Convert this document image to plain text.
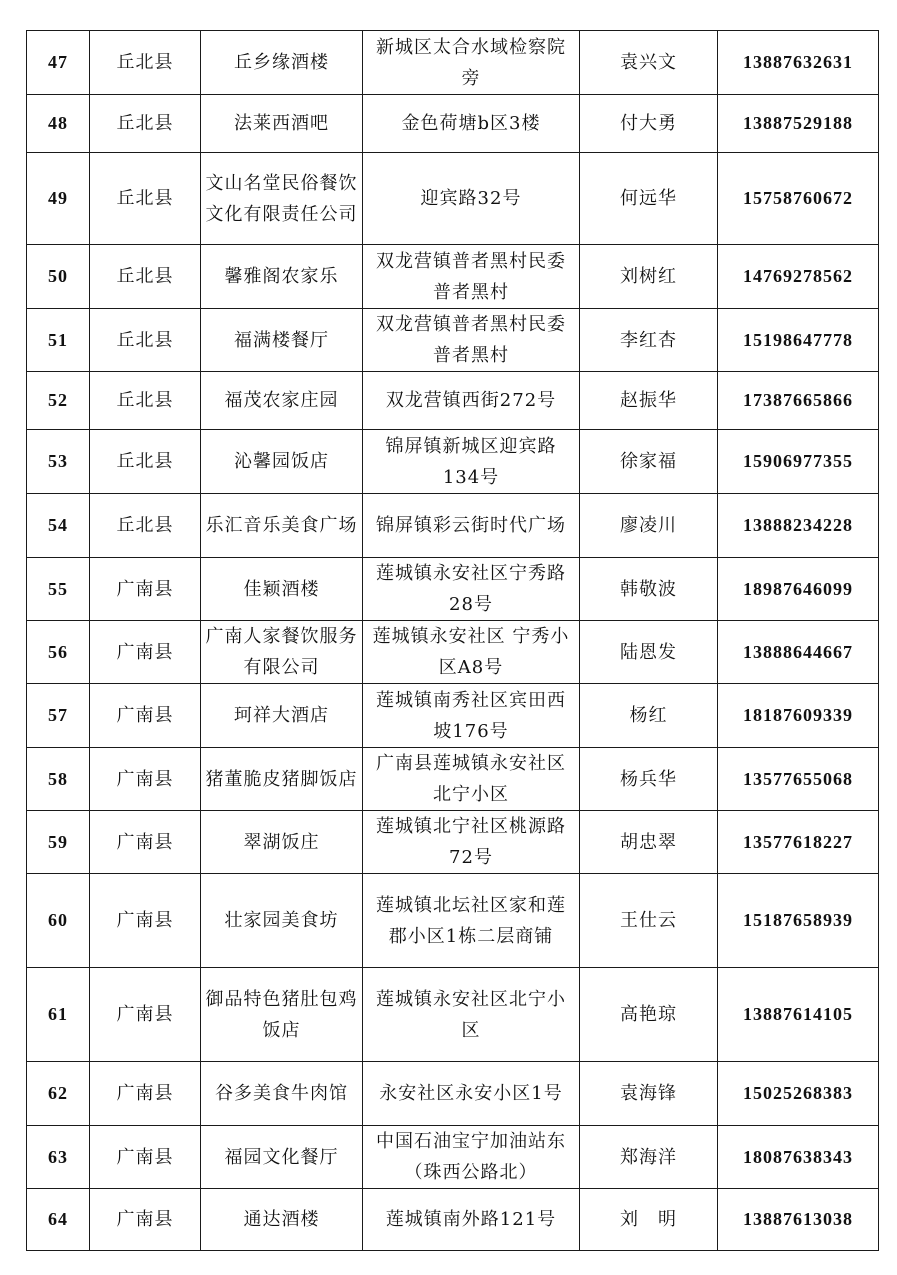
47	丘北县	丘乡缘酒楼	新城区太合水域检察院旁	袁兴文	13887632631
48	丘北县	法莱西酒吧	金色荷塘b区3楼	付大勇	13887529188
49	丘北县	文山名堂民俗餐饮文化有限责任公司	迎宾路32号	何远华	15758760672
50	丘北县	馨雅阁农家乐	双龙营镇普者黑村民委普者黑村	刘树红	14769278562
51	丘北县	福满楼餐厅	双龙营镇普者黑村民委普者黑村	李红杏	15198647778
52	丘北县	福茂农家庄园	双龙营镇西街272号	赵振华	17387665866
53	丘北县	沁馨园饭店	锦屏镇新城区迎宾路134号	徐家福	15906977355
54	丘北县	乐汇音乐美食广场	锦屏镇彩云街时代广场	廖凌川	13888234228
55	广南县	佳颖酒楼	莲城镇永安社区宁秀路28号	韩敬波	18987646099
56	广南县	广南人家餐饮服务有限公司	莲城镇永安社区 宁秀小区A8号	陆恩发	13888644667
57	广南县	珂祥大酒店	莲城镇南秀社区宾田西坡176号	杨红	18187609339
58	广南县	猪董脆皮猪脚饭店	广南县莲城镇永安社区北宁小区	杨兵华	13577655068
59	广南县	翠湖饭庄	莲城镇北宁社区桃源路72号	胡忠翠	13577618227
60	广南县	壮家园美食坊	莲城镇北坛社区家和莲郡小区1栋二层商铺	王仕云	15187658939
61	广南县	御品特色猪肚包鸡饭店	莲城镇永安社区北宁小区	高艳琼	13887614105
62	广南县	谷多美食牛肉馆	永安社区永安小区1号	袁海锋	15025268383
63	广南县	福园文化餐厅	中国石油宝宁加油站东（珠西公路北）	郑海洋	18087638343
64	广南县	通达酒楼	莲城镇南外路121号	刘　明	13887613038
